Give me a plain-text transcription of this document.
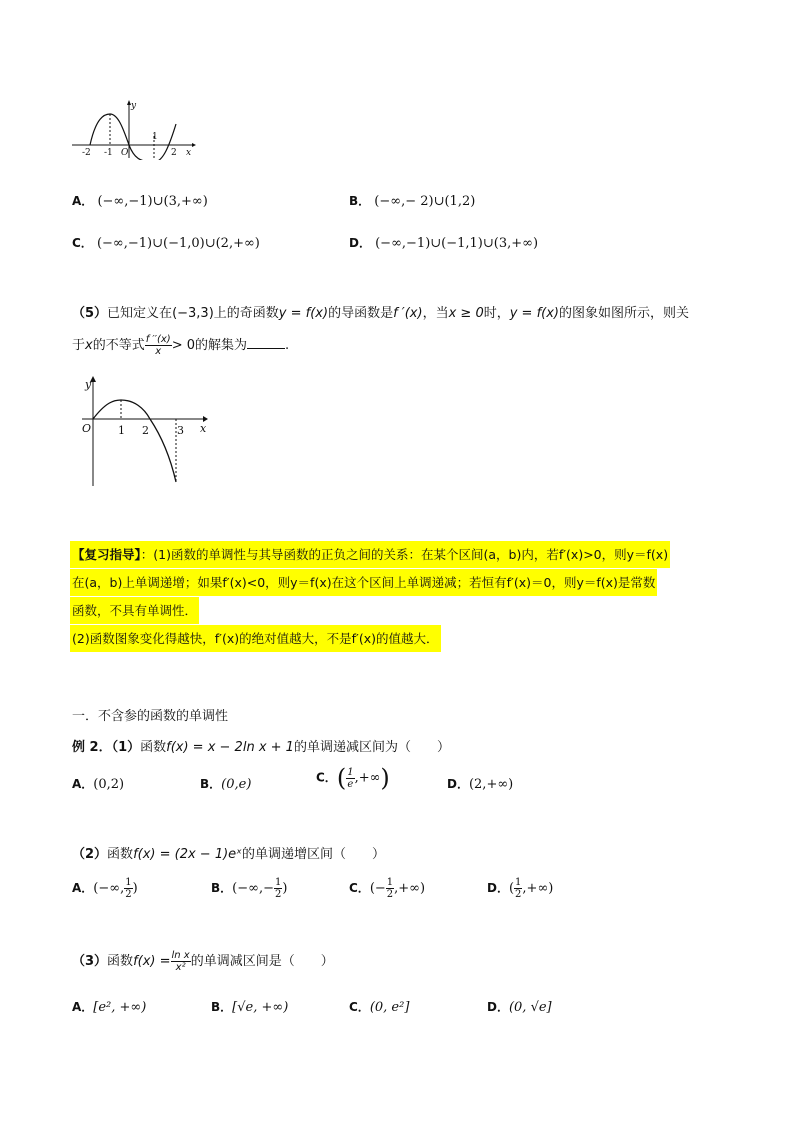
y
x
-2 -1 O
1
2
A． (−∞,−1)∪(3,+∞)	B． (−∞,− 2)∪(1,2)
C． (−∞,−1)∪(−1,0)∪(2,+∞)	D． (−∞,−1)∪(−1,1)∪(3,+∞)
（5）已知定义在(−3,3)上的奇函数y = f(x)的导函数是f ′(x)，当x ≥ 0时，y = f(x)的图象如图所示，则关
于x的不等式 $\frac{f ''(x)}{x} > 0$的解集为	.
y
x
O 1 2	3
【复习指导】：(1)函数的单调性与其导函数的正负之间的关系：在某个区间(a，b)内，若f′(x)>0，则y＝f(x)
在(a，b)上单调递增；如果f′(x)<0，则y＝f(x)在这个区间上单调递减；若恒有f′(x)＝0，则y＝f(x)是常数
函数，不具有单调性．
(2)函数图象变化得越快，f′(x)的绝对值越大，不是f′(x)的值越大．
一．不含参的函数的单调性
例 2．（1）函数f(x) = x − 2ln x + 1的单调递减区间为（　　）
A．(0,2)	B．(0,e)	C．( $\frac{1}{e}$ ,+∞)	D．(2,+∞)
（2）函数f(x) = (2x − 1)eˣ的单调递增区间（　　）
A．(−∞, $\frac{1}{2}$ )	B．(−∞,− $\frac{1}{2}$ )	C．(− $\frac{1}{2}$ ,+∞)	D．( $\frac{1}{2}$ ,+∞)
（3）函数$f(x) = \frac{\text{ln x}}{\text{x²}}$ 的单调减区间是（　　）
A．[e², +∞)	B．[√e, +∞)	C．(0, e²]	D．(0, √e]
